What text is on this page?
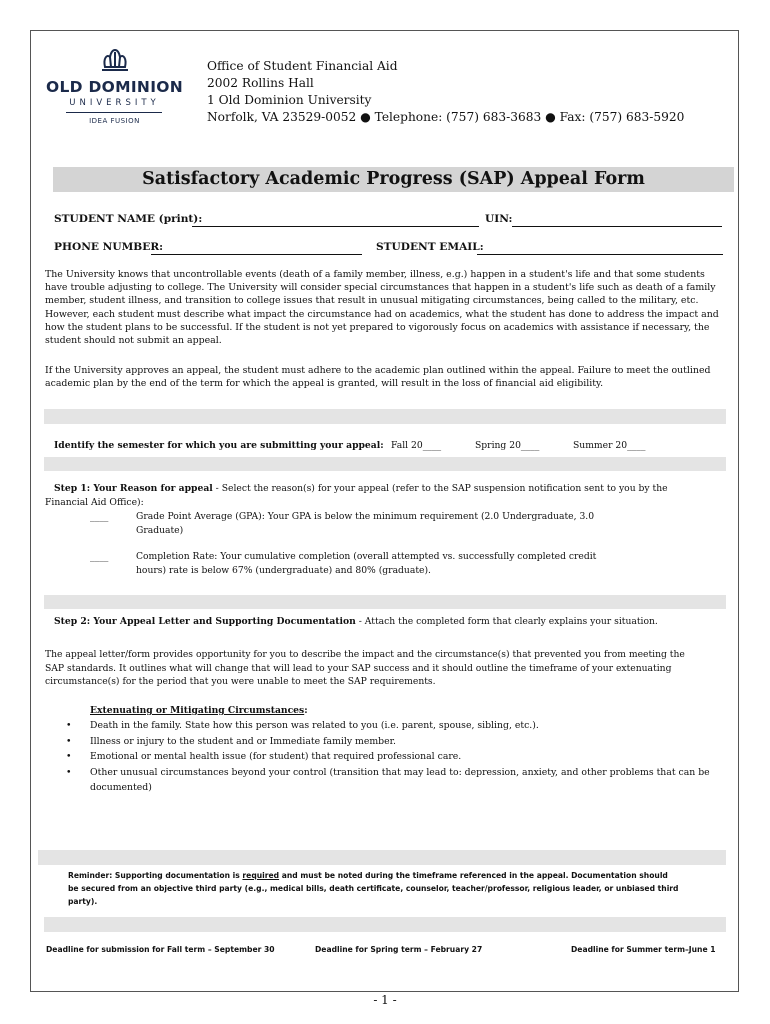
OLD DOMINION
UNIVERSITY
IDEA FUSION
Office of Student Financial Aid
2002 Rollins Hall
1 Old Dominion University
Norfolk, VA 23529-0052 ● Telephone: (757) 683-3683 ● Fax: (757) 683-5920
Satisfactory Academic Progress (SAP) Appeal Form
STUDENT NAME (print):	UIN:
PHONE NUMBER:	STUDENT EMAIL:
The University knows that uncontrollable events (death of a family member, illness, e.g.) happen in a student's life and that some students
have trouble adjusting to college. The University will consider special circumstances that happen in a student's life such as death of a family
member, student illness, and transition to college issues that result in unusual mitigating circumstances, being called to the military, etc.
However, each student must describe what impact the circumstance had on academics, what the student has done to address the impact and
how the student plans to be successful. If the student is not yet prepared to vigorously focus on academics with assistance if necessary, the
student should not submit an appeal.
If the University approves an appeal, the student must adhere to the academic plan outlined within the appeal. Failure to meet the outlined
academic plan by the end of the term for which the appeal is granted, will result in the loss of financial aid eligibility.
Identify the semester for which you are submitting your appeal: Fall 20____	Spring 20____	Summer 20____
Step 1: Your Reason for appeal - Select the reason(s) for your appeal (refer to the SAP suspension notification sent to you by the
Financial Aid Office):
____	Grade Point Average (GPA): Your GPA is below the minimum requirement (2.0 Undergraduate, 3.0
Graduate)
____	Completion Rate: Your cumulative completion (overall attempted vs. successfully completed credit
hours) rate is below 67% (undergraduate) and 80% (graduate).
Step 2: Your Appeal Letter and Supporting Documentation - Attach the completed form that clearly explains your situation.
The appeal letter/form provides opportunity for you to describe the impact and the circumstance(s) that prevented you from meeting the
SAP standards. It outlines what will change that will lead to your SAP success and it should outline the timeframe of your extenuating
circumstance(s) for the period that you were unable to meet the SAP requirements.
Extenuating or Mitigating Circumstances:
•	Death in the family. State how this person was related to you (i.e. parent, spouse, sibling, etc.).
•	Illness or injury to the student and or Immediate family member.
•	Emotional or mental health issue (for student) that required professional care.
•	Other unusual circumstances beyond your control (transition that may lead to: depression, anxiety, and other problems that can be
documented)
Reminder: Supporting documentation is required and must be noted during the timeframe referenced in the appeal. Documentation should
be secured from an objective third party (e.g., medical bills, death certificate, counselor, teacher/professor, religious leader, or unbiased third
party).
Deadline for submission for Fall term – September 30	Deadline for Spring term – February 27	Deadline for Summer term–June 1
- 1 -
